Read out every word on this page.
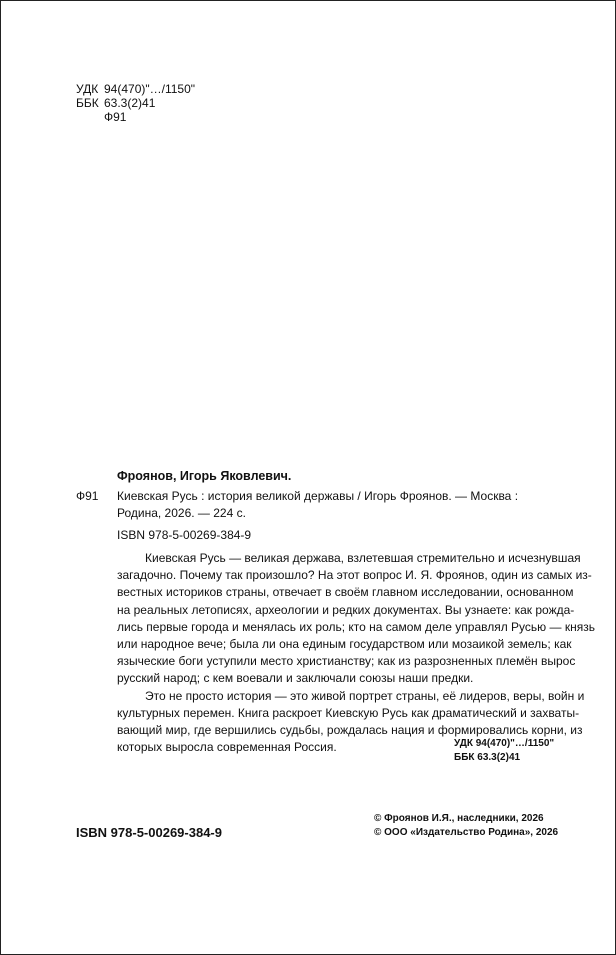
УДК 94(470)"…/1150"
ББК 63.3(2)41
Ф91
Фроянов, Игорь Яковлевич.
Ф91 Киевская Русь : история великой державы / Игорь Фроянов. — Москва :
Родина, 2026. — 224 с.
ISBN 978-5-00269-384-9
Киевская Русь — великая держава, взлетевшая стремительно и исчезнувшая
загадочно. Почему так произошло? На этот вопрос И. Я. Фроянов, один из самых из-
вестных историков страны, отвечает в своём главном исследовании, основанном
на реальных летописях, археологии и редких документах. Вы узнаете: как рожда-
лись первые города и менялась их роль; кто на самом деле управлял Русью — князь
или народное вече; была ли она единым государством или мозаикой земель; как
языческие боги уступили место христианству; как из разрозненных племён вырос
русский народ; с кем воевали и заключали союзы наши предки.
Это не просто история — это живой портрет страны, её лидеров, веры, войн и
культурных перемен. Книга раскроет Киевскую Русь как драматический и захваты-
вающий мир, где вершились судьбы, рождалась нация и формировались корни, из
которых выросла современная Россия.	УДК 94(470)"…/1150"
ББК 63.3(2)41
ISBN 978-5-00269-384-9
© Фроянов И.Я., наследники, 2026
© ООО «Издательство Родина», 2026
